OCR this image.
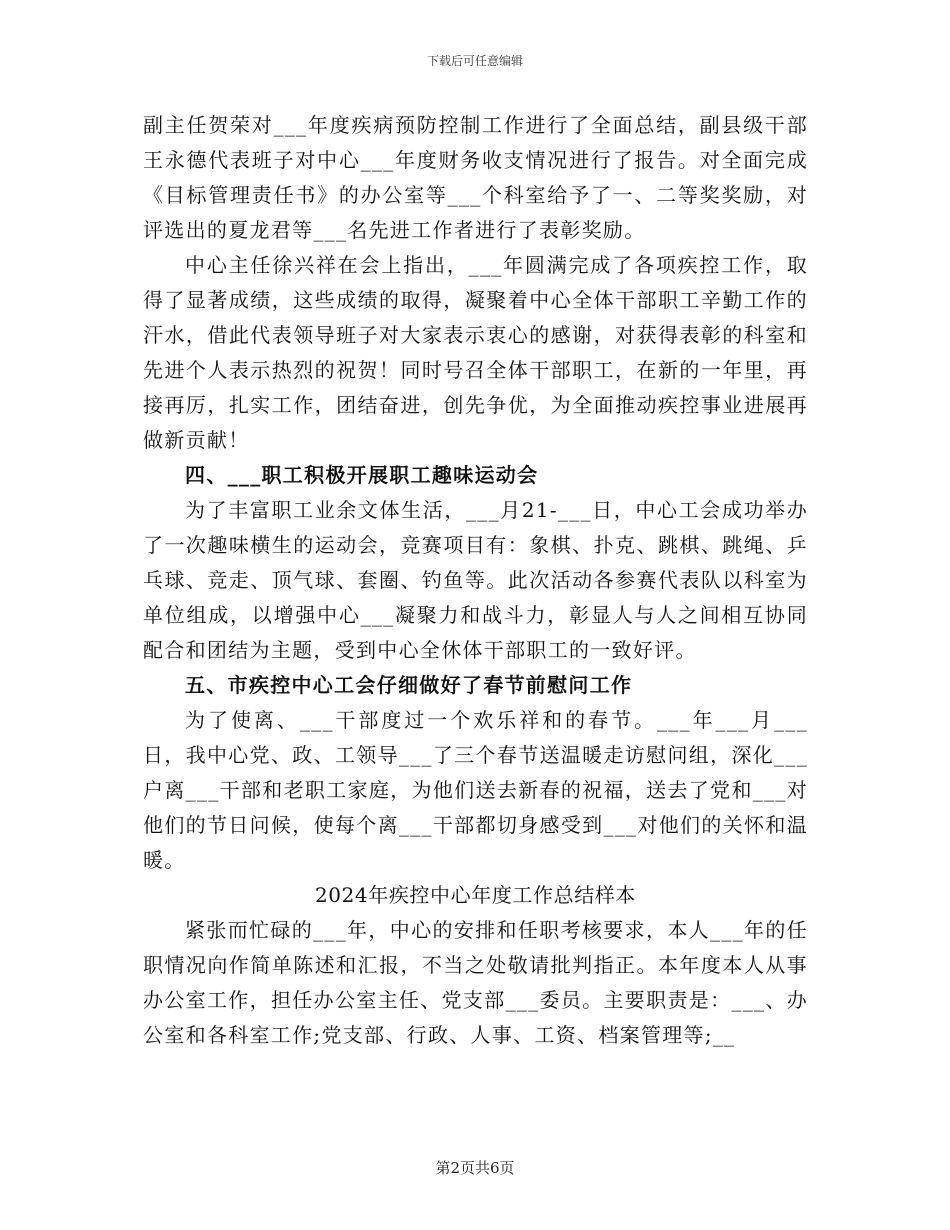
下载后可任意编辑

副主任贺荣对___年度疾病预防控制工作进行了全面总结，副县级干部王永德代表班子对中心___年度财务收支情况进行了报告。对全面完成《目标管理责任书》的办公室等___个科室给予了一、二等奖奖励，对评选出的夏龙君等___名先进工作者进行了表彰奖励。

中心主任徐兴祥在会上指出，___年圆满完成了各项疾控工作，取得了显著成绩，这些成绩的取得，凝聚着中心全体干部职工辛勤工作的汗水，借此代表领导班子对大家表示衷心的感谢，对获得表彰的科室和先进个人表示热烈的祝贺！同时号召全体干部职工，在新的一年里，再接再厉，扎实工作，团结奋进，创先争优，为全面推动疾控事业进展再做新贡献！

四、___职工积极开展职工趣味运动会

为了丰富职工业余文体生活，___月21-___日，中心工会成功举办了一次趣味横生的运动会，竞赛项目有：象棋、扑克、跳棋、跳绳、乒乓球、竞走、顶气球、套圈、钓鱼等。此次活动各参赛代表队以科室为单位组成，以增强中心___凝聚力和战斗力，彰显人与人之间相互协同配合和团结为主题，受到中心全休体干部职工的一致好评。

五、市疾控中心工会仔细做好了春节前慰问工作

为了使离、___干部度过一个欢乐祥和的春节。___年___月___日，我中心党、政、工领导___了三个春节送温暖走访慰问组，深化___户离___干部和老职工家庭，为他们送去新春的祝福，送去了党和___对他们的节日问候，使每个离___干部都切身感受到___对他们的关怀和温暖。

2024年疾控中心年度工作总结样本

紧张而忙碌的___年，中心的安排和任职考核要求，本人___年的任职情况向作简单陈述和汇报，不当之处敬请批判指正。本年度本人从事办公室工作，担任办公室主任、党支部___委员。主要职责是：___、办公室和各科室工作;党支部、行政、人事、工资、档案管理等;__

第2页共6页
